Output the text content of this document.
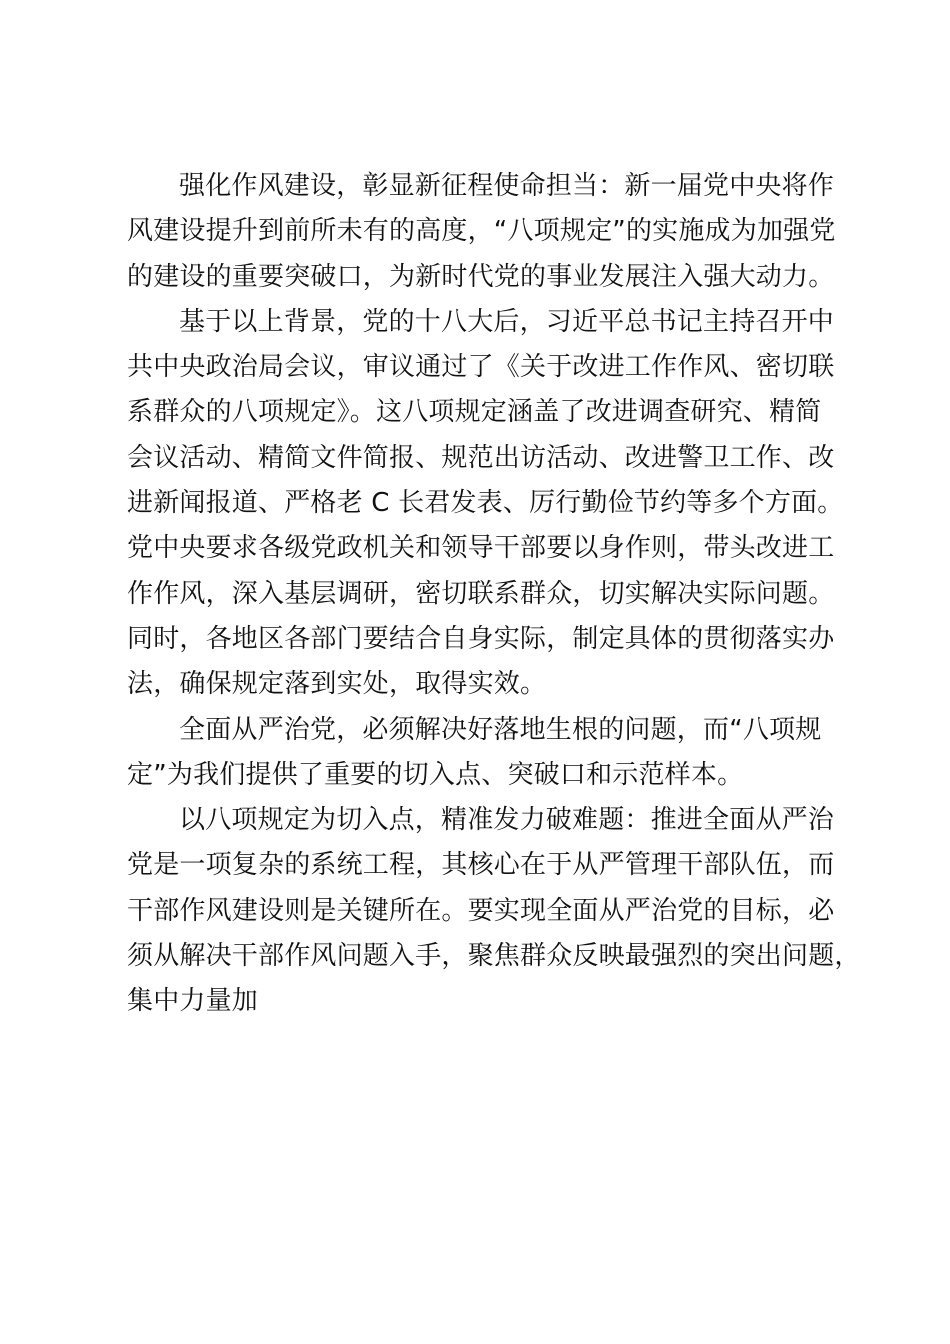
强化作风建设，彰显新征程使命担当：新一届党中央将作
风建设提升到前所未有的高度，“八项规定”的实施成为加强党
的建设的重要突破口，为新时代党的事业发展注入强大动力。
基于以上背景，党的十八大后，习近平总书记主持召开中
共中央政治局会议，审议通过了《关于改进工作作风、密切联
系群众的八项规定》。这八项规定涵盖了改进调查研究、精简
会议活动、精简文件简报、规范出访活动、改进警卫工作、改
进新闻报道、严格老 C 长君发表、厉行勤俭节约等多个方面。
党中央要求各级党政机关和领导干部要以身作则，带头改进工
作作风，深入基层调研，密切联系群众，切实解决实际问题。
同时，各地区各部门要结合自身实际，制定具体的贯彻落实办
法，确保规定落到实处，取得实效。
全面从严治党，必须解决好落地生根的问题，而“八项规
定”为我们提供了重要的切入点、突破口和示范样本。
以八项规定为切入点，精准发力破难题：推进全面从严治
党是一项复杂的系统工程，其核心在于从严管理干部队伍，而
干部作风建设则是关键所在。要实现全面从严治党的目标，必
须从解决干部作风问题入手，聚焦群众反映最强烈的突出问题，
集中力量加
